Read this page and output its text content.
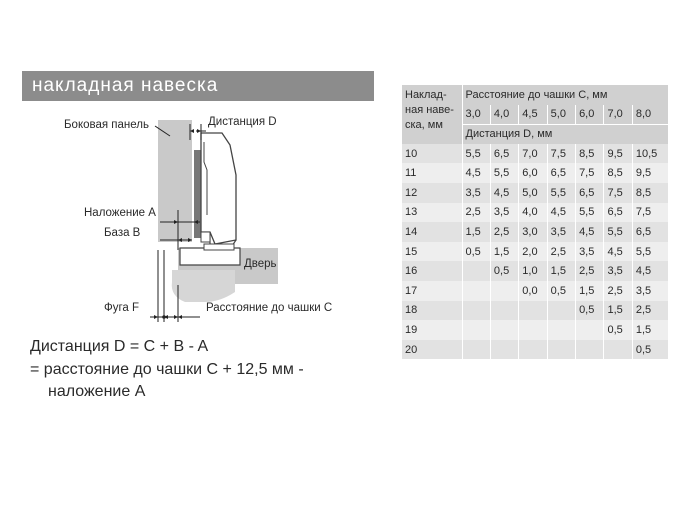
накладная навеска
Боковая панель	Дистанция D
Наложение A
База B
Дверь
Фуга F	Расстояние до чашки C
Дистанция D = C + B - A
= расстояние до чашки C + 12,5 мм -
наложение A
Наклад-
ная наве-
ска, мм	Расстояние до чашки C, мм						
	3,0	4,0	4,5	5,0	6,0	7,0	8,0
	Дистанция D, мм						
10	5,5	6,5	7,0	7,5	8,5	9,5	10,5
11	4,5	5,5	6,0	6,5	7,5	8,5	9,5
12	3,5	4,5	5,0	5,5	6,5	7,5	8,5
13	2,5	3,5	4,0	4,5	5,5	6,5	7,5
14	1,5	2,5	3,0	3,5	4,5	5,5	6,5
15	0,5	1,5	2,0	2,5	3,5	4,5	5,5
16		0,5	1,0	1,5	2,5	3,5	4,5
17			0,0	0,5	1,5	2,5	3,5
18					0,5	1,5	2,5
19						0,5	1,5
20							0,5
